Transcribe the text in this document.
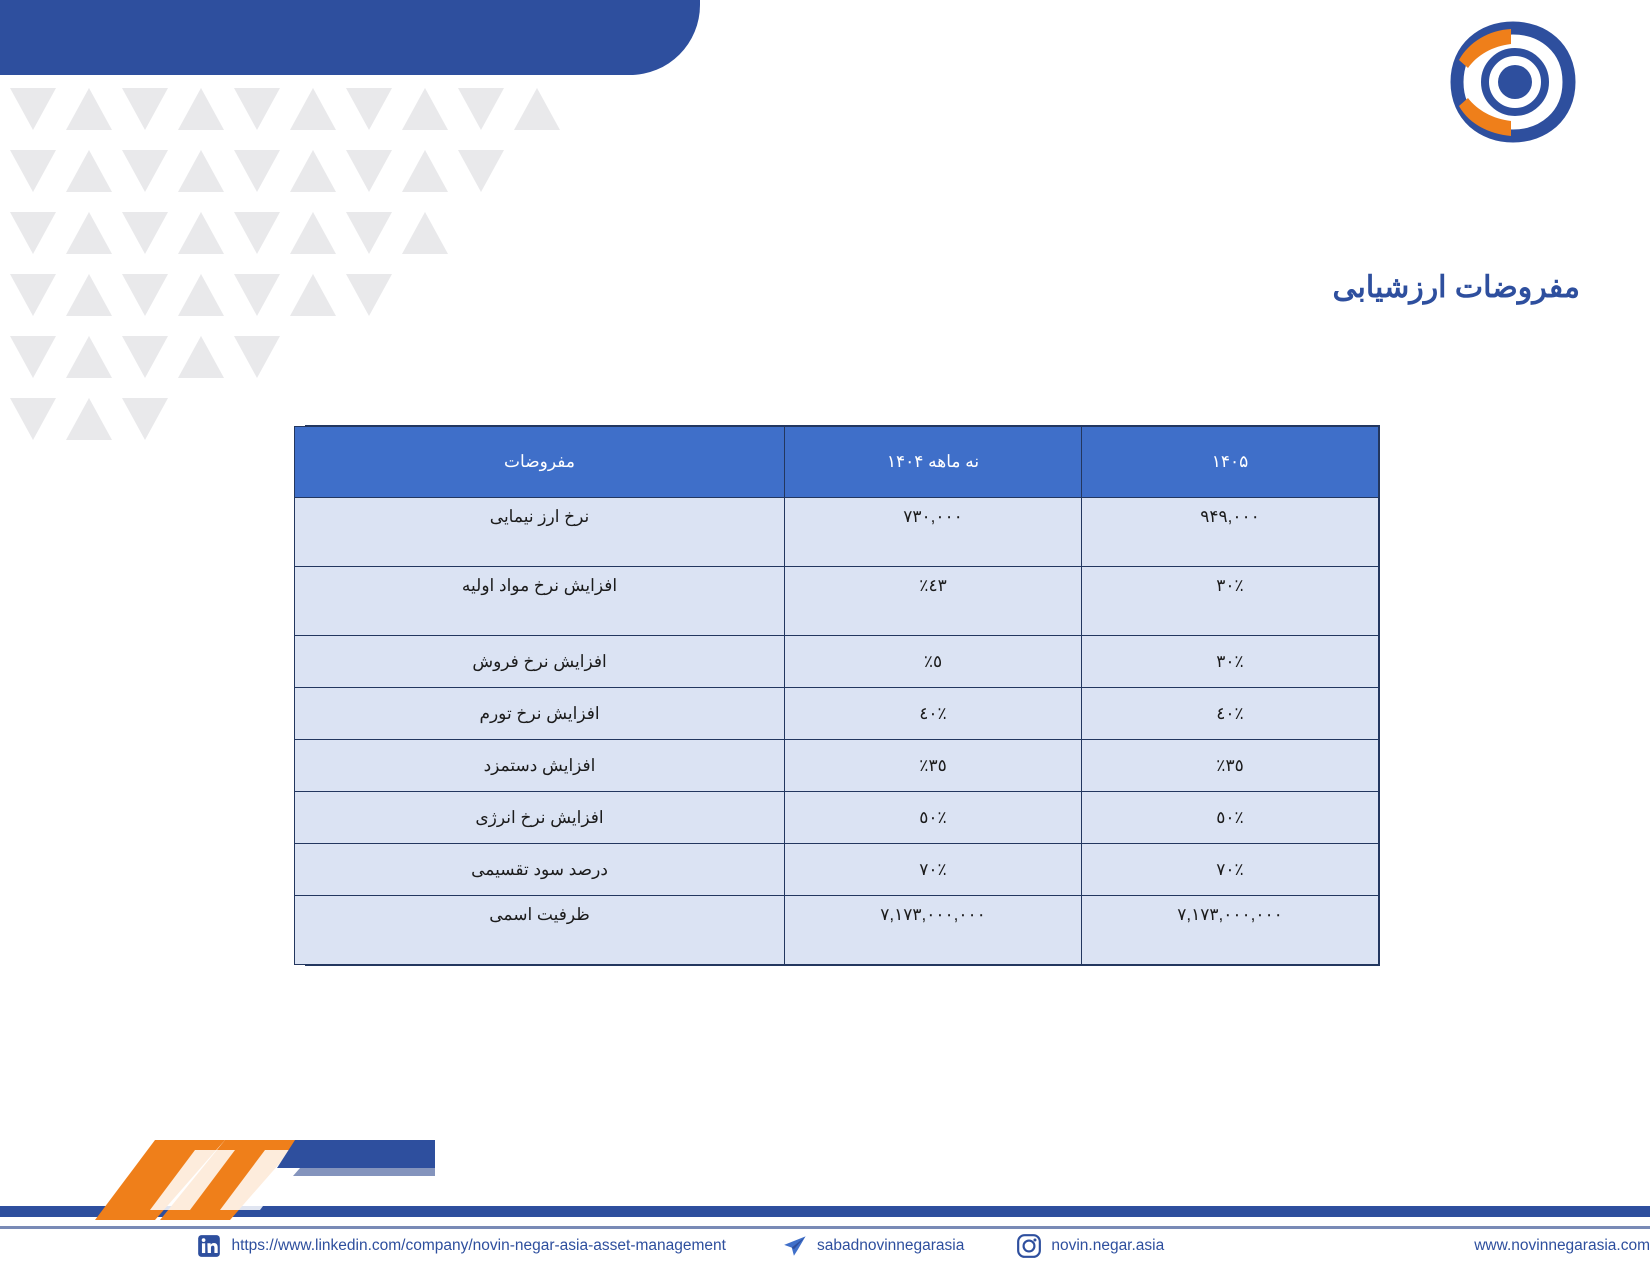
مفروضات ارزشیابی
۱۴۰۵	نه ماهه ۱۴۰۴	مفروضات

۹۴۹,۰۰۰	۷۳۰,۰۰۰	نرخ ارز نیمایی

۳۰٪	٤٣٪	افزایش نرخ مواد اولیه

۳۰٪	٥٪	افزایش نرخ فروش

٤۰٪	٤۰٪	افزایش نرخ تورم

۳٥٪	۳٥٪	افزایش دستمزد

٥۰٪	٥۰٪	افزایش نرخ انرژی

۷۰٪	۷۰٪	درصد سود تقسیمی

۷,۱۷۳,۰۰۰,۰۰۰	۷,۱۷۳,۰۰۰,۰۰۰	ظرفیت اسمی
www.novinnegarasia.com
novin.negar.asia
sabadnovinnegarasia
https://www.linkedin.com/company/novin-negar-asia-asset-management
